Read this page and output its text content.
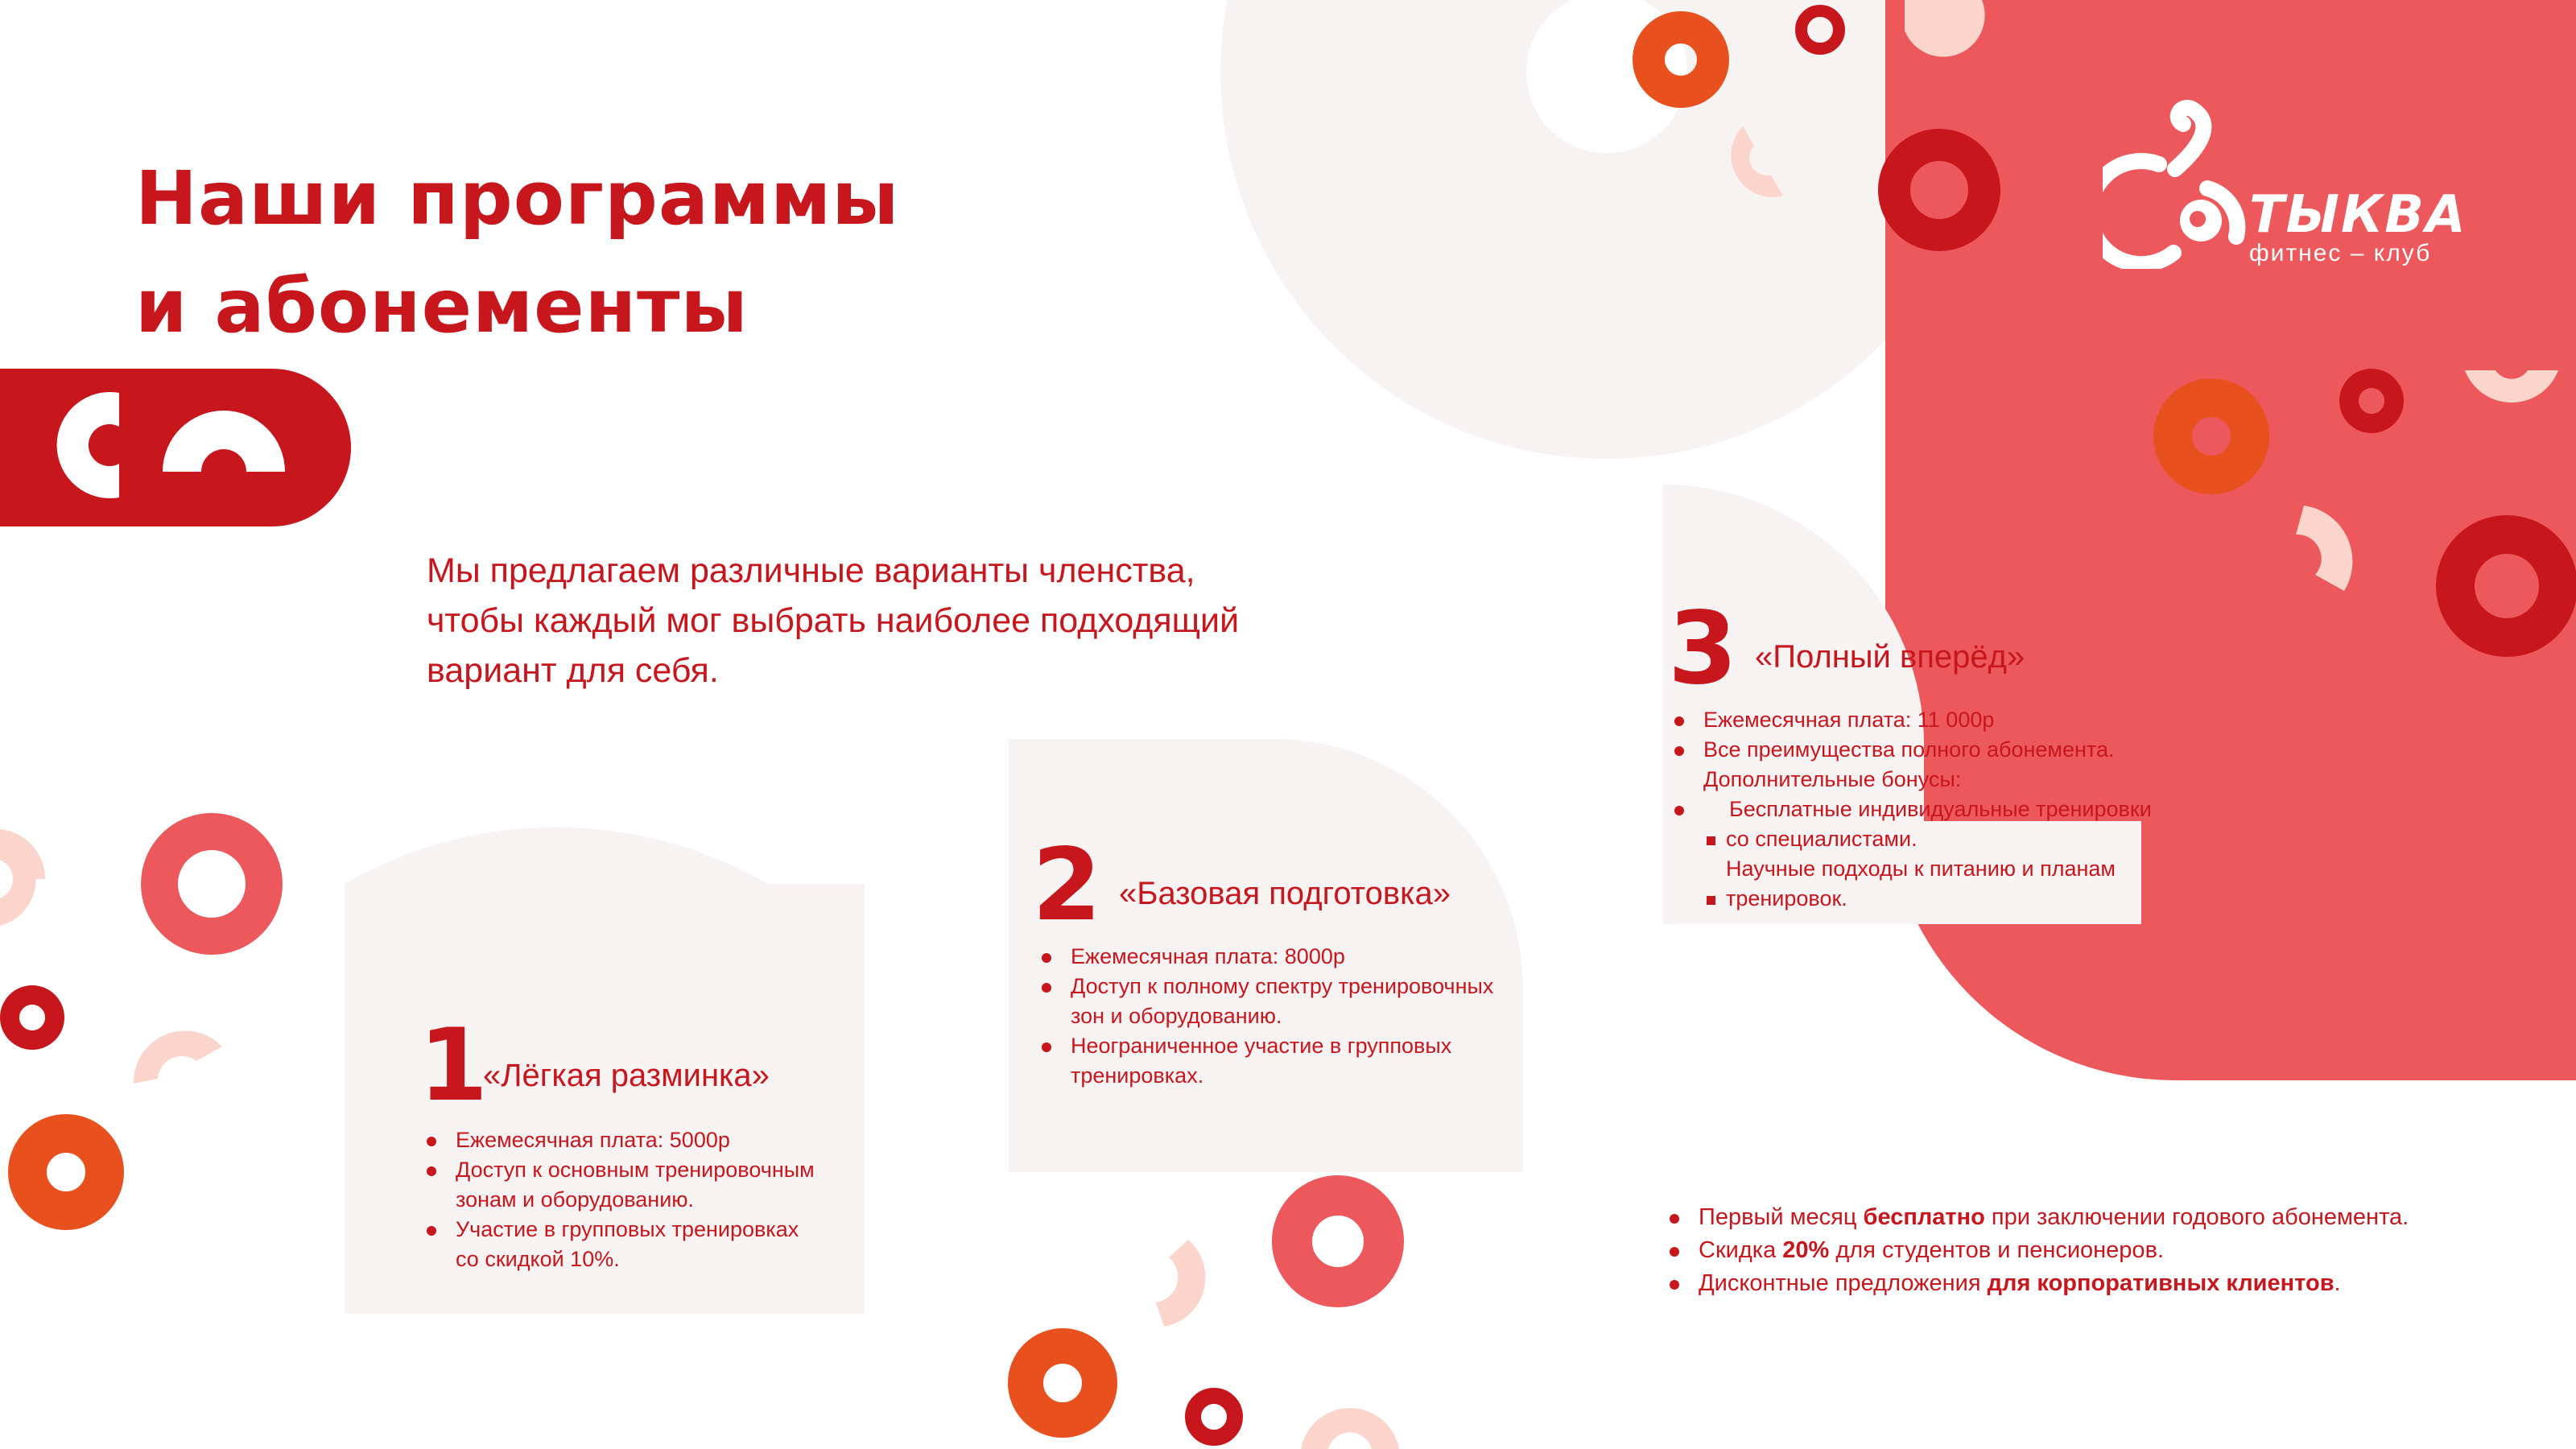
ТЫКВА
фитнес – клуб
Наши программы
и абонементы
Мы предлагаем различные варианты членства,
чтобы каждый мог выбрать наиболее подходящий
вариант для себя.
1
«Лёгкая разминка»
Ежемесячная плата: 5000р
Доступ к основным тренировочным
зонам и оборудованию.
Участие в групповых тренировках
со скидкой 10%.
2 «Базовая подготовка»
Ежемесячная плата: 8000р
Доступ к полному спектру тренировочных
зон и оборудованию.
Неограниченное участие в групповых
тренировках.
3 «Полный вперёд»
Ежемесячная плата: 11 000р
Все преимущества полного абонемента.
Дополнительные бонусы:
Бесплатные индивидуальные тренировки
со специалистами.
Научные подходы к питанию и планам
тренировок.
Первый месяц бесплатно при заключении годового абонемента.
Скидка 20% для студентов и пенсионеров.
Дисконтные предложения для корпоративных клиентов.
